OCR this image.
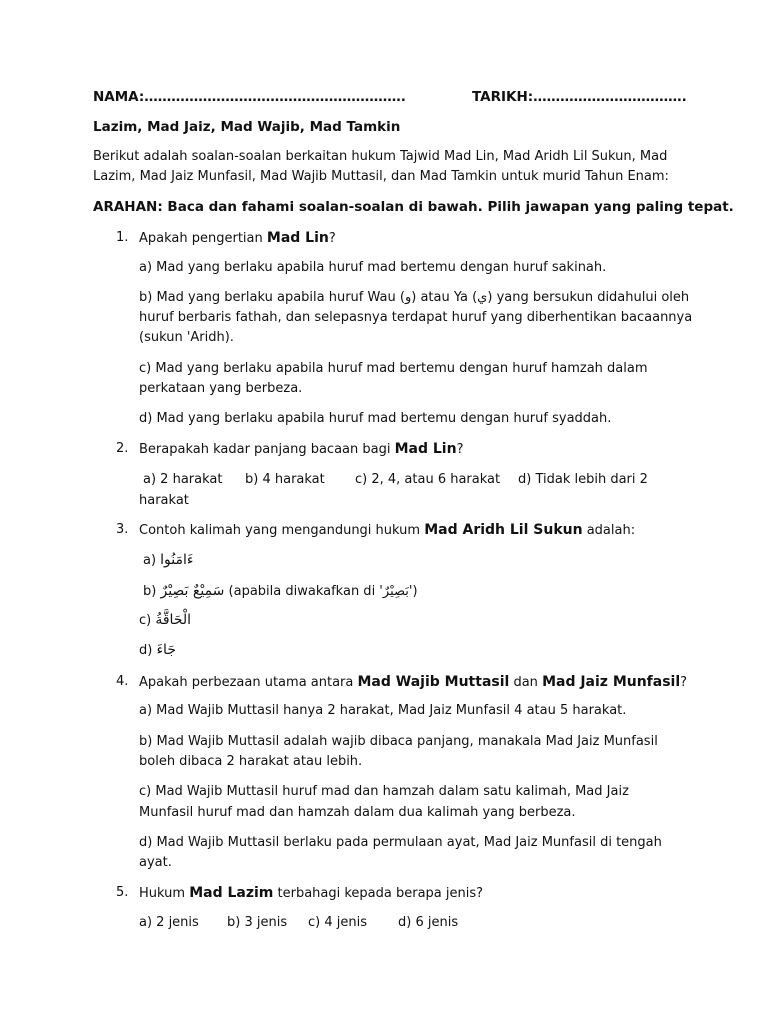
NAMA:………………………………………………….	TARIKH:…………………………….
Lazim, Mad Jaiz, Mad Wajib, Mad Tamkin
Berikut adalah soalan-soalan berkaitan hukum Tajwid Mad Lin, Mad Aridh Lil Sukun, Mad
Lazim, Mad Jaiz Munfasil, Mad Wajib Muttasil, dan Mad Tamkin untuk murid Tahun Enam:
ARAHAN: Baca dan fahami soalan-soalan di bawah. Pilih jawapan yang paling tepat.
1. Apakah pengertian Mad Lin?
a) Mad yang berlaku apabila huruf mad bertemu dengan huruf sakinah.
b) Mad yang berlaku apabila huruf Wau (و) atau Ya (ي) yang bersukun didahului oleh
huruf berbaris fathah, dan selepasnya terdapat huruf yang diberhentikan bacaannya
(sukun 'Aridh).
c) Mad yang berlaku apabila huruf mad bertemu dengan huruf hamzah dalam
perkataan yang berbeza.
d) Mad yang berlaku apabila huruf mad bertemu dengan huruf syaddah.
2. Berapakah kadar panjang bacaan bagi Mad Lin?
a) 2 harakat b) 4 harakat c) 2, 4, atau 6 harakat d) Tidak lebih dari 2
harakat
3. Contoh kalimah yang mengandungi hukum Mad Aridh Lil Sukun adalah:
a) ءَامَنُوا
b) سَمِيْعٌ بَصِيْرٌ (apabila diwakafkan di 'بَصِيْرٌ')
c) الْحَاقَّةُ
d) جَاءَ
4. Apakah perbezaan utama antara Mad Wajib Muttasil dan Mad Jaiz Munfasil?
a) Mad Wajib Muttasil hanya 2 harakat, Mad Jaiz Munfasil 4 atau 5 harakat.
b) Mad Wajib Muttasil adalah wajib dibaca panjang, manakala Mad Jaiz Munfasil
boleh dibaca 2 harakat atau lebih.
c) Mad Wajib Muttasil huruf mad dan hamzah dalam satu kalimah, Mad Jaiz
Munfasil huruf mad dan hamzah dalam dua kalimah yang berbeza.
d) Mad Wajib Muttasil berlaku pada permulaan ayat, Mad Jaiz Munfasil di tengah
ayat.
5. Hukum Mad Lazim terbahagi kepada berapa jenis?
a) 2 jenis b) 3 jenis c) 4 jenis d) 6 jenis
